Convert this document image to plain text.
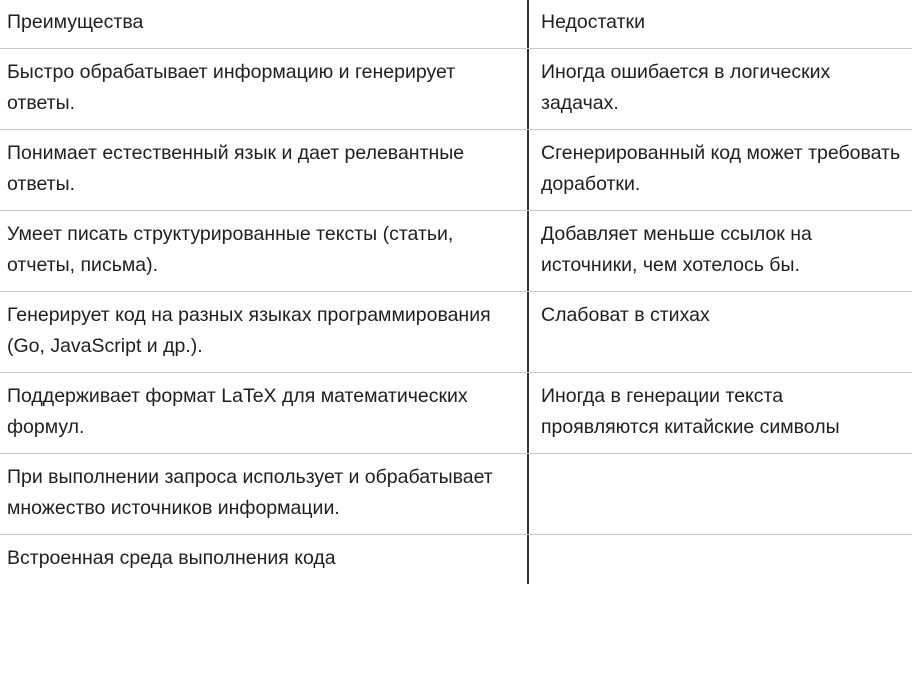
Преимущества	Недостатки
Быстро обрабатывает информацию и генерирует ответы.
Иногда ошибается в логических задачах.
Понимает естественный язык и дает релевантные ответы.
Сгенерированный код может требовать доработки.
Умеет писать структурированные тексты (статьи, отчеты, письма).
Добавляет меньше ссылок на источники, чем хотелось бы.
Генерирует код на разных языках программирования (Go, JavaScript и др.).
Слабоват в стихах
Поддерживает формат LaTeX для математических формул.
Иногда в генерации текста проявляются китайские символы
При выполнении запроса использует и обрабатывает множество источников информации.
Встроенная среда выполнения кода
